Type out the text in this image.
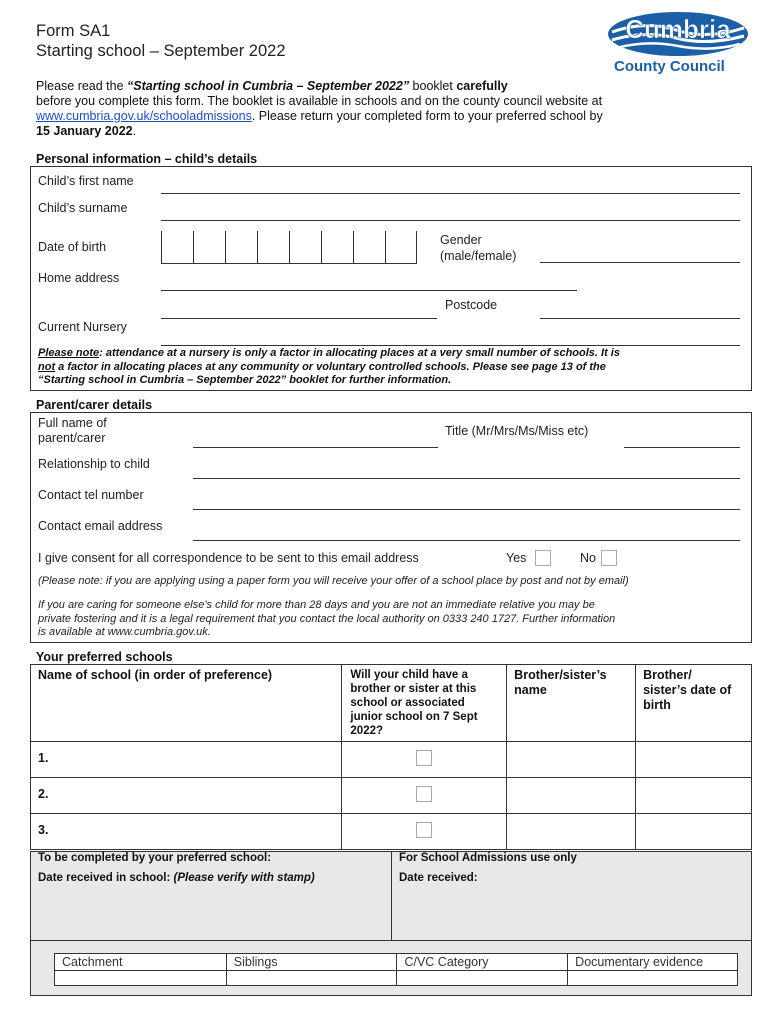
Form SA1
Starting school – September 2022
Cumbria
County Council
Please read the “Starting school in Cumbria – September 2022” booklet carefully
before you complete this form. The booklet is available in schools and on the county council website at
www.cumbria.gov.uk/schooladmissions. Please return your completed form to your preferred school by
15 January 2022.
Personal information – child’s details
Child’s first name
Child’s surname
Date of birth	Gender
(male/female)
Home address
Postcode
Current Nursery
Please note: attendance at a nursery is only a factor in allocating places at a very small number of schools. It is
not a factor in allocating places at any community or voluntary controlled schools. Please see page 13 of the
“Starting school in Cumbria – September 2022” booklet for further information.
Parent/carer details
Full name of
parent/carer	Title (Mr/Mrs/Ms/Miss etc)
Relationship to child
Contact tel number
Contact email address
I give consent for all correspondence to be sent to this email address	Yes	No
(Please note: if you are applying using a paper form you will receive your offer of a school place by post and not by email)
If you are caring for someone else’s child for more than 28 days and you are not an immediate relative you may be
private fostering and it is a legal requirement that you contact the local authority on 0333 240 1727. Further information
is available at www.cumbria.gov.uk.
Your preferred schools
Name of school (in order of preference)	Will your child have a
brother or sister at this
school or associated
junior school on 7 Sept
2022?	Brother/sister’s
name	Brother/
sister’s date of
birth
1.			
2.			
3.			
To be completed by your preferred school:
Date received in school: (Please verify with stamp)
For School Admissions use only
Date received:
Catchment	Siblings	C/VC Category	Documentary evidence
